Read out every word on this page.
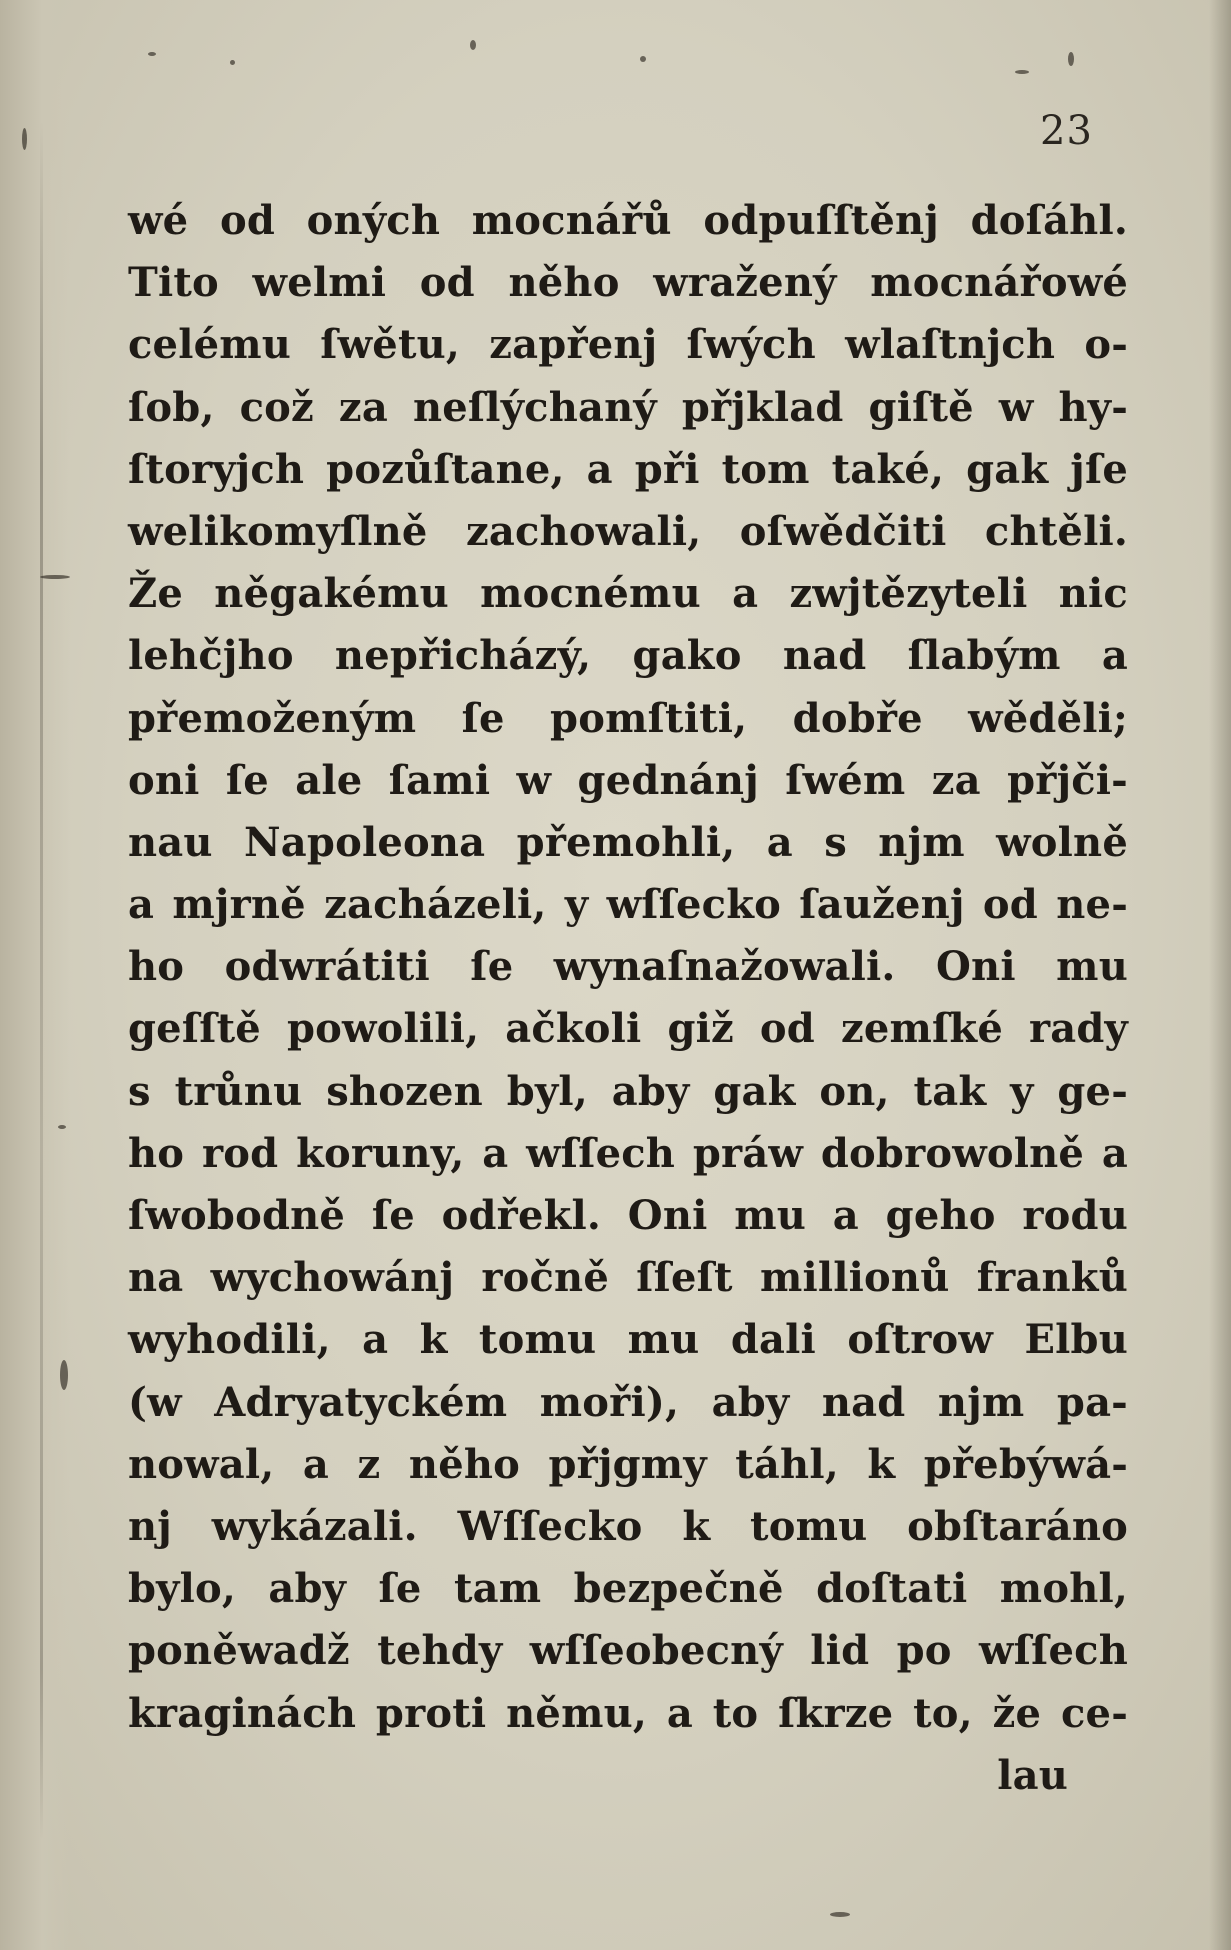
23
wé od oných mocnářů odpuſſtěnj doſáhl.
Tito welmi od něho wražený mocnářowé
celému ſwětu, zapřenj ſwých wlaſtnjch o-
ſob, což za neſlýchaný přjklad giſtě w hy-
ſtoryjch pozůſtane, a při tom také, gak jſe
welikomyſlně zachowali, oſwědčiti chtěli.
Že něgakému mocnému a zwjtězyteli nic
lehčjho nepřicházý, gako nad ſlabým a
přemoženým ſe pomſtiti, dobře wěděli;
oni ſe ale ſami w gednánj ſwém za přjči-
nau Napoleona přemohli, a s njm wolně
a mjrně zacházeli, y wſſecko ſauženj od ne-
ho odwrátiti ſe wynaſnažowali. Oni mu
geſſtě powolili, ačkoli giž od zemſké rady
s trůnu shozen byl, aby gak on, tak y ge-
ho rod koruny, a wſſech práw dobrowolně a
ſwobodně ſe odřekl. Oni mu a geho rodu
na wychowánj ročně ſſeſt millionů franků
wyhodili, a k tomu mu dali oſtrow Elbu
(w Adryatyckém moři), aby nad njm pa-
nowal, a z něho přjgmy táhl, k přebýwá-
nj wykázali. Wſſecko k tomu obſtaráno
bylo, aby ſe tam bezpečně doſtati mohl,
poněwadž tehdy wſſeobecný lid po wſſech
kraginách proti němu, a to ſkrze to, že ce-
lau
